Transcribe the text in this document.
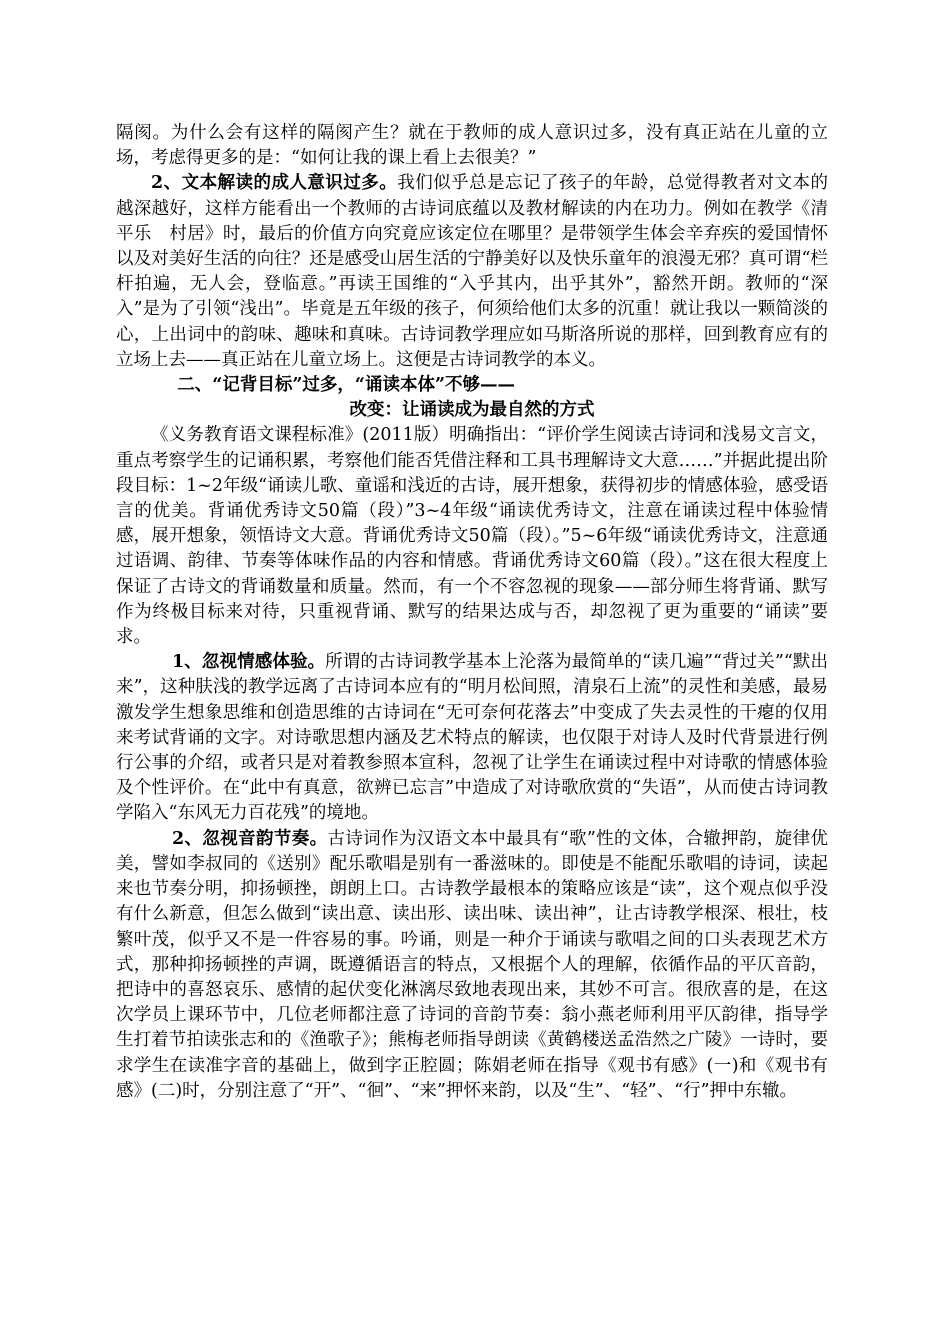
隔阂。为什么会有这样的隔阂产生？就在于教师的成人意识过多，没有真正站在儿童的立场，考虑得更多的是：“如何让我的课上看上去很美？”

2、文本解读的成人意识过多。我们似乎总是忘记了孩子的年龄，总觉得教者对文本的越深越好，这样方能看出一个教师的古诗词底蕴以及教材解读的内在功力。例如在教学《清平乐　村居》时，最后的价值方向究竟应该定位在哪里？是带领学生体会辛弃疾的爱国情怀以及对美好生活的向往？还是感受山居生活的宁静美好以及快乐童年的浪漫无邪？真可谓“栏杆拍遍，无人会，登临意。”再读王国维的“入乎其内，出乎其外”，豁然开朗。教师的“深入”是为了引领“浅出”。毕竟是五年级的孩子，何须给他们太多的沉重！就让我以一颗简淡的心，上出词中的韵味、趣味和真味。古诗词教学理应如马斯洛所说的那样，回到教育应有的立场上去——真正站在儿童立场上。这便是古诗词教学的本义。

二、“记背目标”过多，“诵读本体”不够——

改变：让诵读成为最自然的方式

《义务教育语文课程标准》(2011版）明确指出：“评价学生阅读古诗词和浅易文言文，重点考察学生的记诵积累，考察他们能否凭借注释和工具书理解诗文大意……”并据此提出阶段目标：1~2年级“诵读儿歌、童谣和浅近的古诗，展开想象，获得初步的情感体验，感受语言的优美。背诵优秀诗文50篇（段）”3~4年级“诵读优秀诗文，注意在诵读过程中体验情感，展开想象，领悟诗文大意。背诵优秀诗文50篇（段）。”5~6年级“诵读优秀诗文，注意通过语调、韵律、节奏等体味作品的内容和情感。背诵优秀诗文60篇（段）。”这在很大程度上保证了古诗文的背诵数量和质量。然而，有一个不容忽视的现象——部分师生将背诵、默写作为终极目标来对待，只重视背诵、默写的结果达成与否，却忽视了更为重要的“诵读”要求。

1、忽视情感体验。所谓的古诗词教学基本上沦落为最简单的“读几遍”“背过关”“默出来”，这种肤浅的教学远离了古诗词本应有的“明月松间照，清泉石上流”的灵性和美感，最易激发学生想象思维和创造思维的古诗词在“无可奈何花落去”中变成了失去灵性的干瘪的仅用来考试背诵的文字。对诗歌思想内涵及艺术特点的解读，也仅限于对诗人及时代背景进行例行公事的介绍，或者只是对着教参照本宣科，忽视了让学生在诵读过程中对诗歌的情感体验及个性评价。在“此中有真意，欲辨已忘言”中造成了对诗歌欣赏的“失语”，从而使古诗词教学陷入“东风无力百花残”的境地。

2、忽视音韵节奏。古诗词作为汉语文本中最具有“歌”性的文体，合辙押韵，旋律优美，譬如李叔同的《送别》配乐歌唱是别有一番滋味的。即使是不能配乐歌唱的诗词，读起来也节奏分明，抑扬顿挫，朗朗上口。古诗教学最根本的策略应该是“读”，这个观点似乎没有什么新意，但怎么做到“读出意、读出形、读出味、读出神”，让古诗教学根深、根壮，枝繁叶茂，似乎又不是一件容易的事。吟诵，则是一种介于诵读与歌唱之间的口头表现艺术方式，那种抑扬顿挫的声调，既遵循语言的特点，又根据个人的理解，依循作品的平仄音韵，把诗中的喜怒哀乐、感情的起伏变化淋漓尽致地表现出来，其妙不可言。很欣喜的是，在这次学员上课环节中，几位老师都注意了诗词的音韵节奏：翁小燕老师利用平仄韵律，指导学生打着节拍读张志和的《渔歌子》；熊梅老师指导朗读《黄鹤楼送孟浩然之广陵》一诗时，要求学生在读准字音的基础上，做到字正腔圆；陈娟老师在指导《观书有感》(一)和《观书有感》(二)时，分别注意了“开”、“徊”、“来”押怀来韵，以及“生”、“轻”、“行”押中东辙。
